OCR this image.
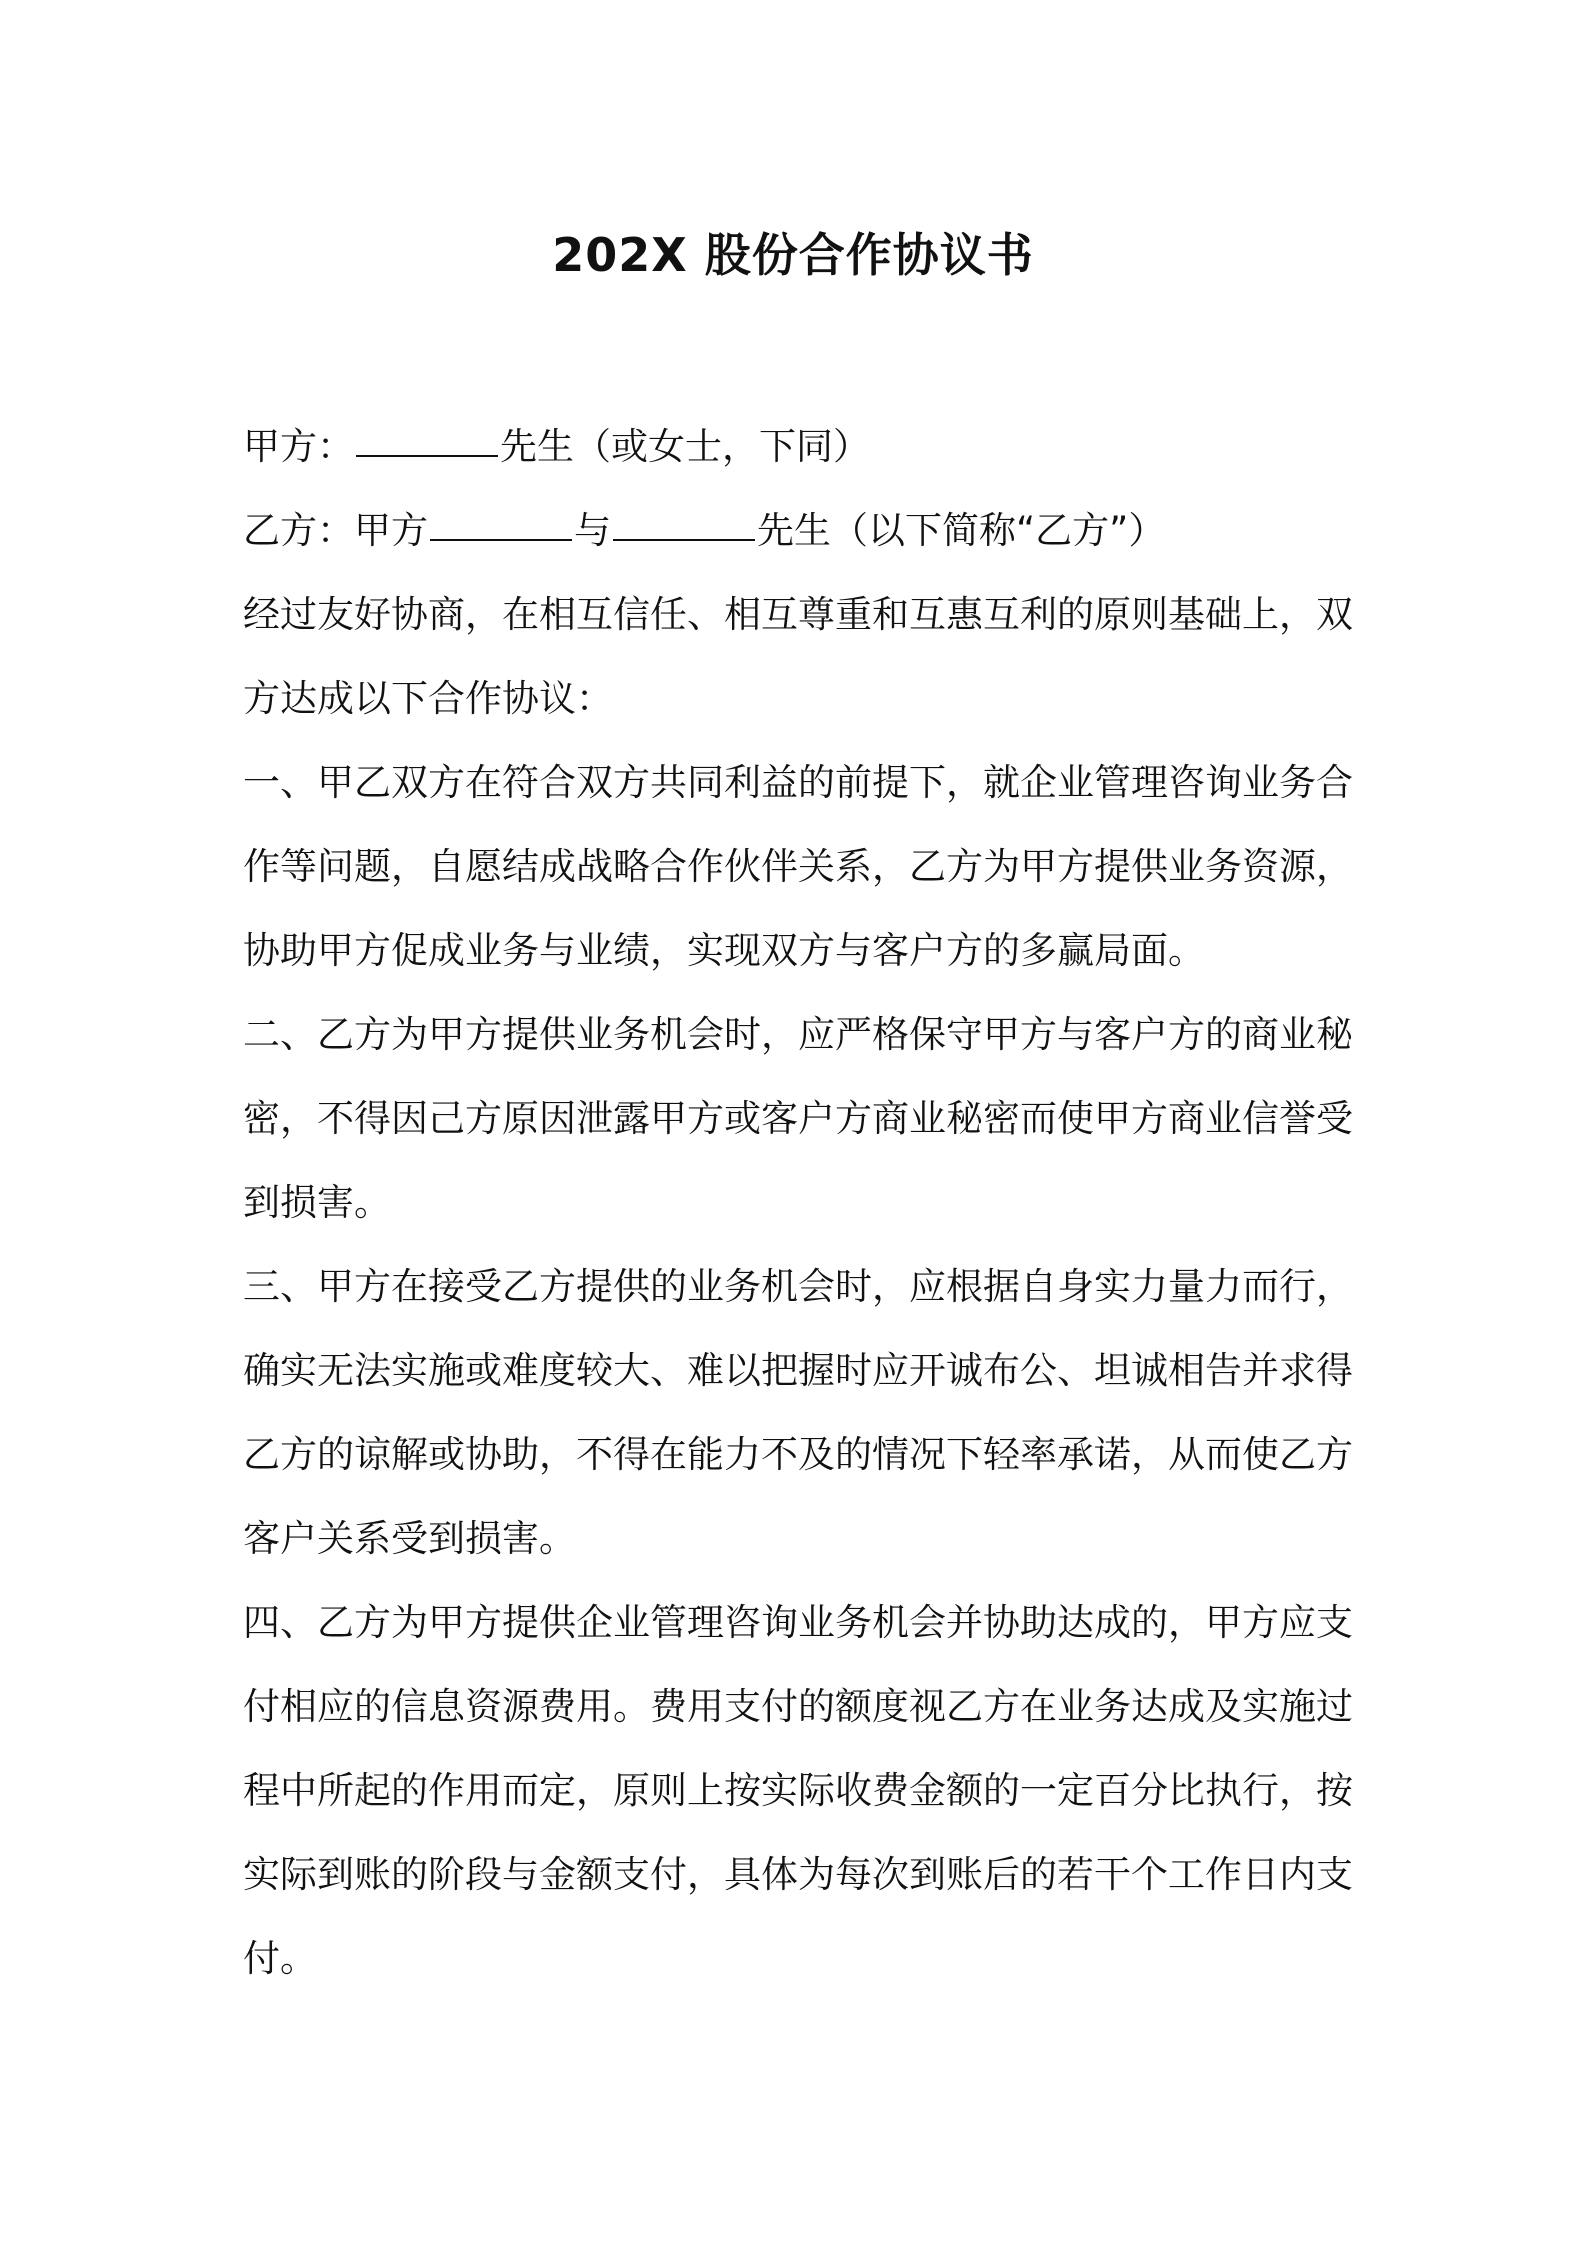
202X 股份合作协议书
甲方：	先生（或女士，下同）
乙方：甲方	与	先生（以下简称“乙方”）

经过友好协商，在相互信任、相互尊重和互惠互利的原则基础上，双方达成以下合作协议：

一、甲乙双方在符合双方共同利益的前提下，就企业管理咨询业务合作等问题，自愿结成战略合作伙伴关系，乙方为甲方提供业务资源，协助甲方促成业务与业绩，实现双方与客户方的多赢局面。

二、乙方为甲方提供业务机会时，应严格保守甲方与客户方的商业秘密，不得因己方原因泄露甲方或客户方商业秘密而使甲方商业信誉受到损害。

三、甲方在接受乙方提供的业务机会时，应根据自身实力量力而行，确实无法实施或难度较大、难以把握时应开诚布公、坦诚相告并求得乙方的谅解或协助，不得在能力不及的情况下轻率承诺，从而使乙方客户关系受到损害。

四、乙方为甲方提供企业管理咨询业务机会并协助达成的，甲方应支付相应的信息资源费用。费用支付的额度视乙方在业务达成及实施过程中所起的作用而定，原则上按实际收费金额的一定百分比执行，按实际到账的阶段与金额支付，具体为每次到账后的若干个工作日内支付。
